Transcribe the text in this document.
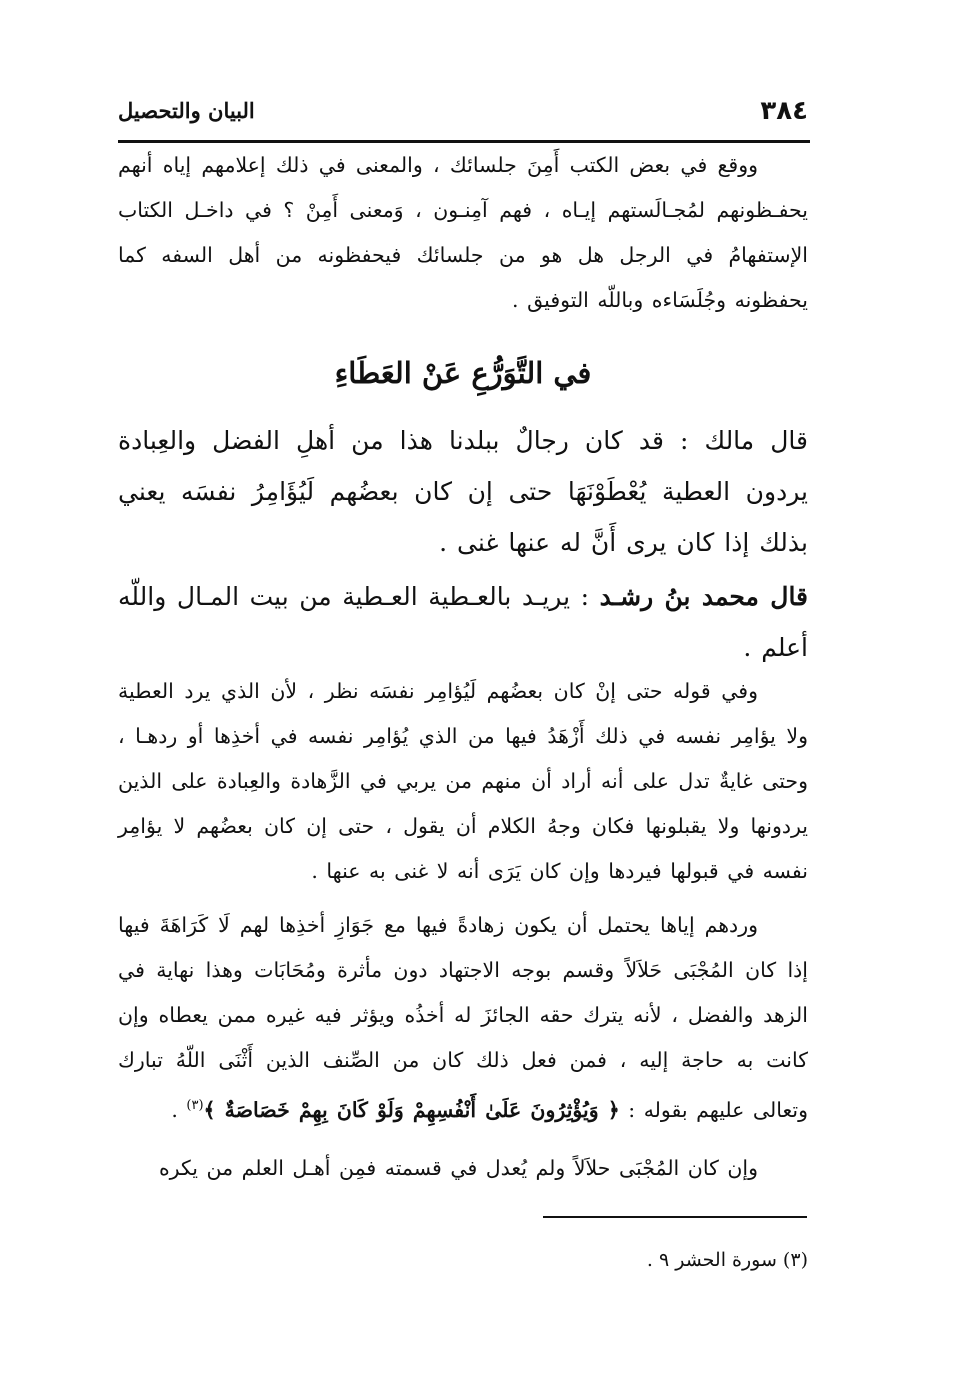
٣٨٤
البيان والتحصيل

ووقع في بعض الكتب أَمِنَ جلسائك ، والمعنى في ذلك إعلامهم إياه أنهم يحفـظونهم لمُجـالَستهم إيـاه ، فهم آمِنـون ، وَمعنى أَمِنْ ؟ في داخـل الكتاب الإستفهامُ في الرجل هل هو من جلسائك فيحفظونه من أهل السفه كما يحفظونه وجُلَسَاءه وباللّه التوفيق .

في التَّوَرُّعِ عَنْ العَطَاءِ

قال مالك : قد كان رجالٌ ببلدنا هذا من أهلِ الفضل والعِبادة يردون العطية يُعْطَوْنَهَا حتى إن كان بعضُهم لَيُؤَامِرُ نفسَه يعني بذلك إذا كان يرى أَنَّ له عنها غنى .

قال محمد بنُ رشـد : يريـد بالعـطية العـطية من بيت المـال واللّه أعلم .

وفي قوله حتى إنْ كان بعضُهم لَيُؤامِر نفسَه نظر ، لأن الذي يرد العطية ولا يؤامِر نفسه في ذلك أَزْهَدُ فيها من الذي يُؤامِر نفسه في أخذِها أو ردهـا ، وحتى غايةٌ تدل على أنه أراد أن منهم من يربي في الزَّهادة والعِبادة على الذين يردونها ولا يقبلونها فكان وجهُ الكلام أن يقول ، حتى إن كان بعضُهم لا يؤامِر نفسه في قبولها فيردها وإن كان يَرَى أنه لا غنى به عنها .

وردهم إياها يحتمل أن يكون زهادةً فيها مع جَوَازِ أخذِها لهم لَا كَرَاهَةَ فيها إذا كان المُجْبَى حَلاَلاً وقسم بوجه الاجتهاد دون مأثرة ومُحَابَات وهذا نهاية في الزهد والفضل ، لأنه يترك حقه الجائزَ له أخذُه ويؤثر فيه غيره ممن يعطاه وإن كانت به حاجة إليه ، فمن فعل ذلك كان من الصِّنف الذين أَثْنَى اللّهُ تبارك وتعالى عليهم بقوله : ﴿ وَيُؤْثِرُونَ عَلَىٰ أَنْفُسِهِمْ وَلَوْ كَانَ بِهِمْ خَصَاصَةٌ ﴾$^{(٣)}$ .

وإن كان المُجْبَى حلاَلاً ولم يُعدل في قسمته فمِن أهـل العلم من يكره

(٣) سورة الحشر ٩ .
